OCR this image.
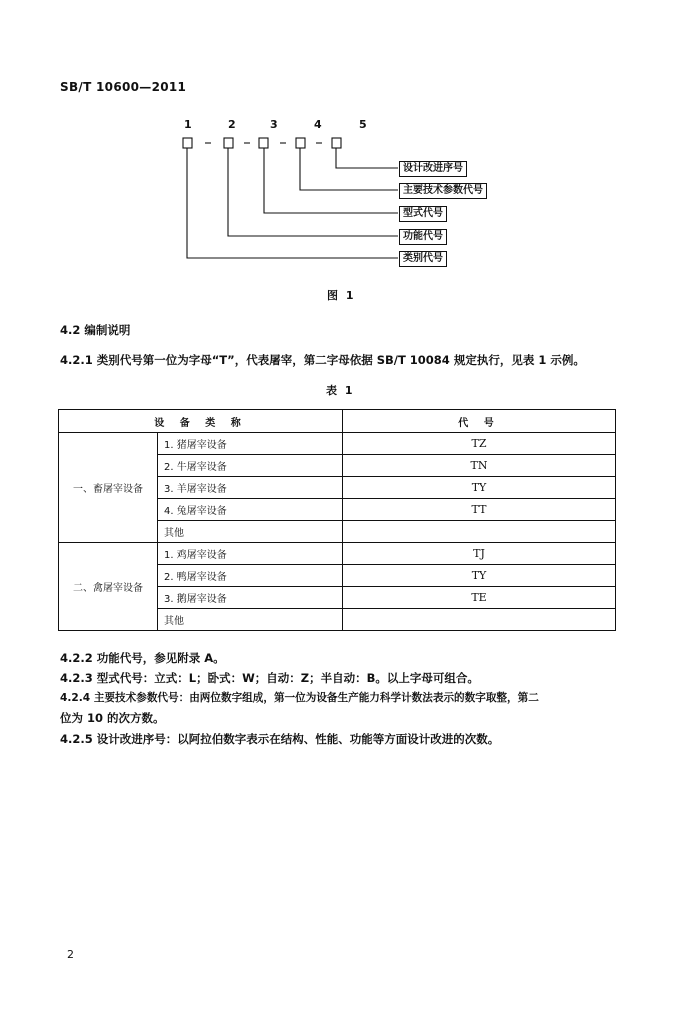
SB/T 10600—2011
1	2	3	4	5
设计改进序号
主要技术参数代号
型式代号
功能代号
类别代号
图 1
4.2 编制说明
4.2.1 类别代号第一位为字母“T”，代表屠宰，第二字母依据 SB/T 10084 规定执行，见表 1 示例。
表 1
设 备 类 称		代 号
一、畜屠宰设备	1. 猪屠宰设备	TZ
	2. 牛屠宰设备	TN
	3. 羊屠宰设备	TY
	4. 兔屠宰设备	TT
	其他	
二、禽屠宰设备	1. 鸡屠宰设备	TJ
	2. 鸭屠宰设备	TY
	3. 鹅屠宰设备	TE
	其他	
4.2.2 功能代号，参见附录 A。
4.2.3 型式代号：立式：L；卧式：W；自动：Z；半自动：B。以上字母可组合。
4.2.4 主要技术参数代号：由两位数字组成，第一位为设备生产能力科学计数法表示的数字取整，第二
位为 10 的次方数。
4.2.5 设计改进序号：以阿拉伯数字表示在结构、性能、功能等方面设计改进的次数。
2
